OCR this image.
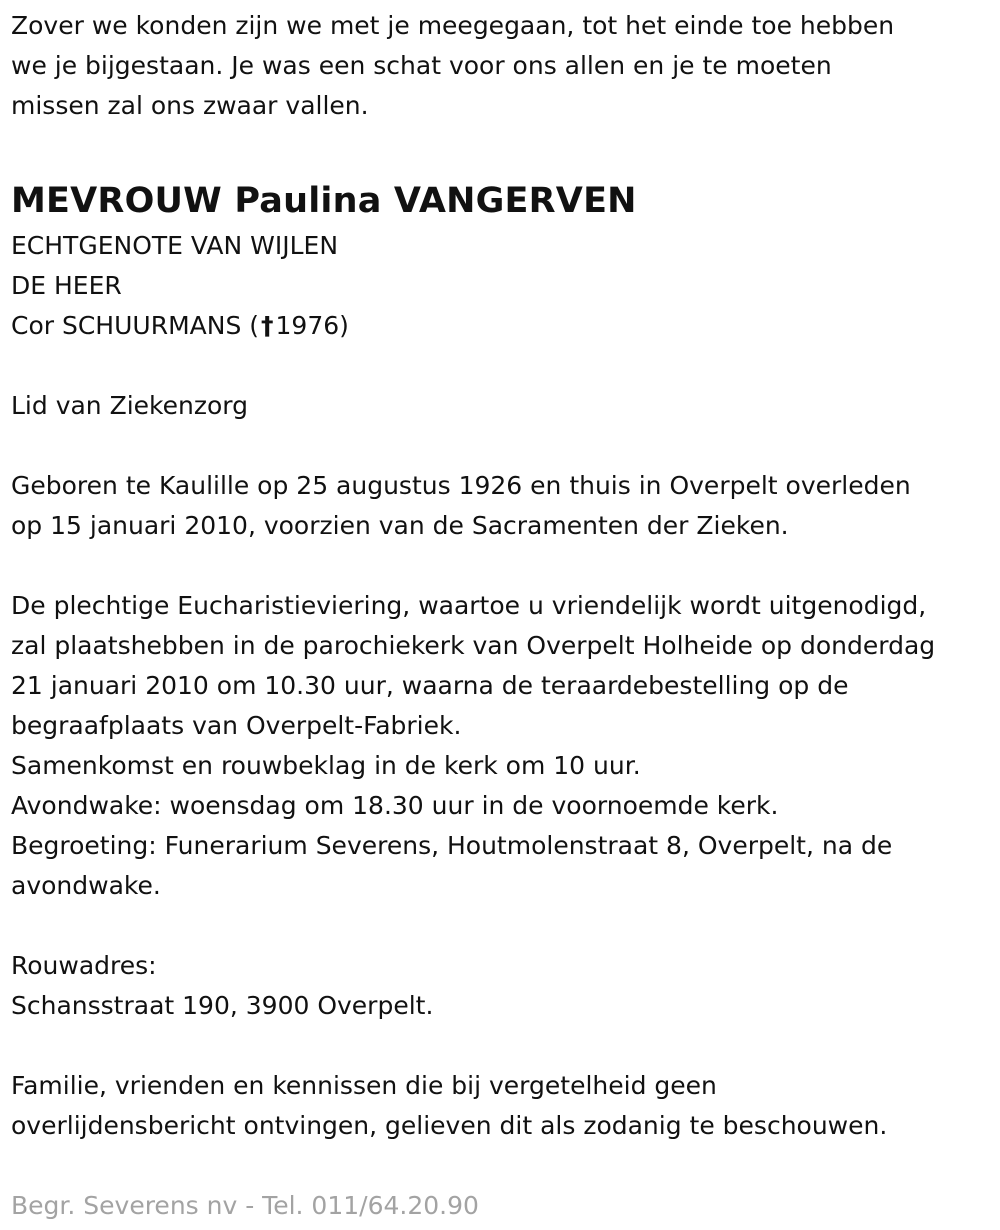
Zover we konden zijn we met je meegegaan, tot het einde toe hebben

we je bijgestaan. Je was een schat voor ons allen en je te moeten

missen zal ons zwaar vallen.

MEVROUW Paulina VANGERVEN

ECHTGENOTE VAN WIJLEN

DE HEER

Cor SCHUURMANS (†1976)

Lid van Ziekenzorg

Geboren te Kaulille op 25 augustus 1926 en thuis in Overpelt overleden

op 15 januari 2010, voorzien van de Sacramenten der Zieken.

De plechtige Eucharistieviering, waartoe u vriendelijk wordt uitgenodigd,

zal plaatshebben in de parochiekerk van Overpelt Holheide op donderdag

21 januari 2010 om 10.30 uur, waarna de teraardebestelling op de

begraafplaats van Overpelt-Fabriek.

Samenkomst en rouwbeklag in de kerk om 10 uur.

Avondwake: woensdag om 18.30 uur in de voornoemde kerk.

Begroeting: Funerarium Severens, Houtmolenstraat 8, Overpelt, na de

avondwake.

Rouwadres:

Schansstraat 190, 3900 Overpelt.

Familie, vrienden en kennissen die bij vergetelheid geen

overlijdensbericht ontvingen, gelieven dit als zodanig te beschouwen.

Begr. Severens nv - Tel. 011/64.20.90
